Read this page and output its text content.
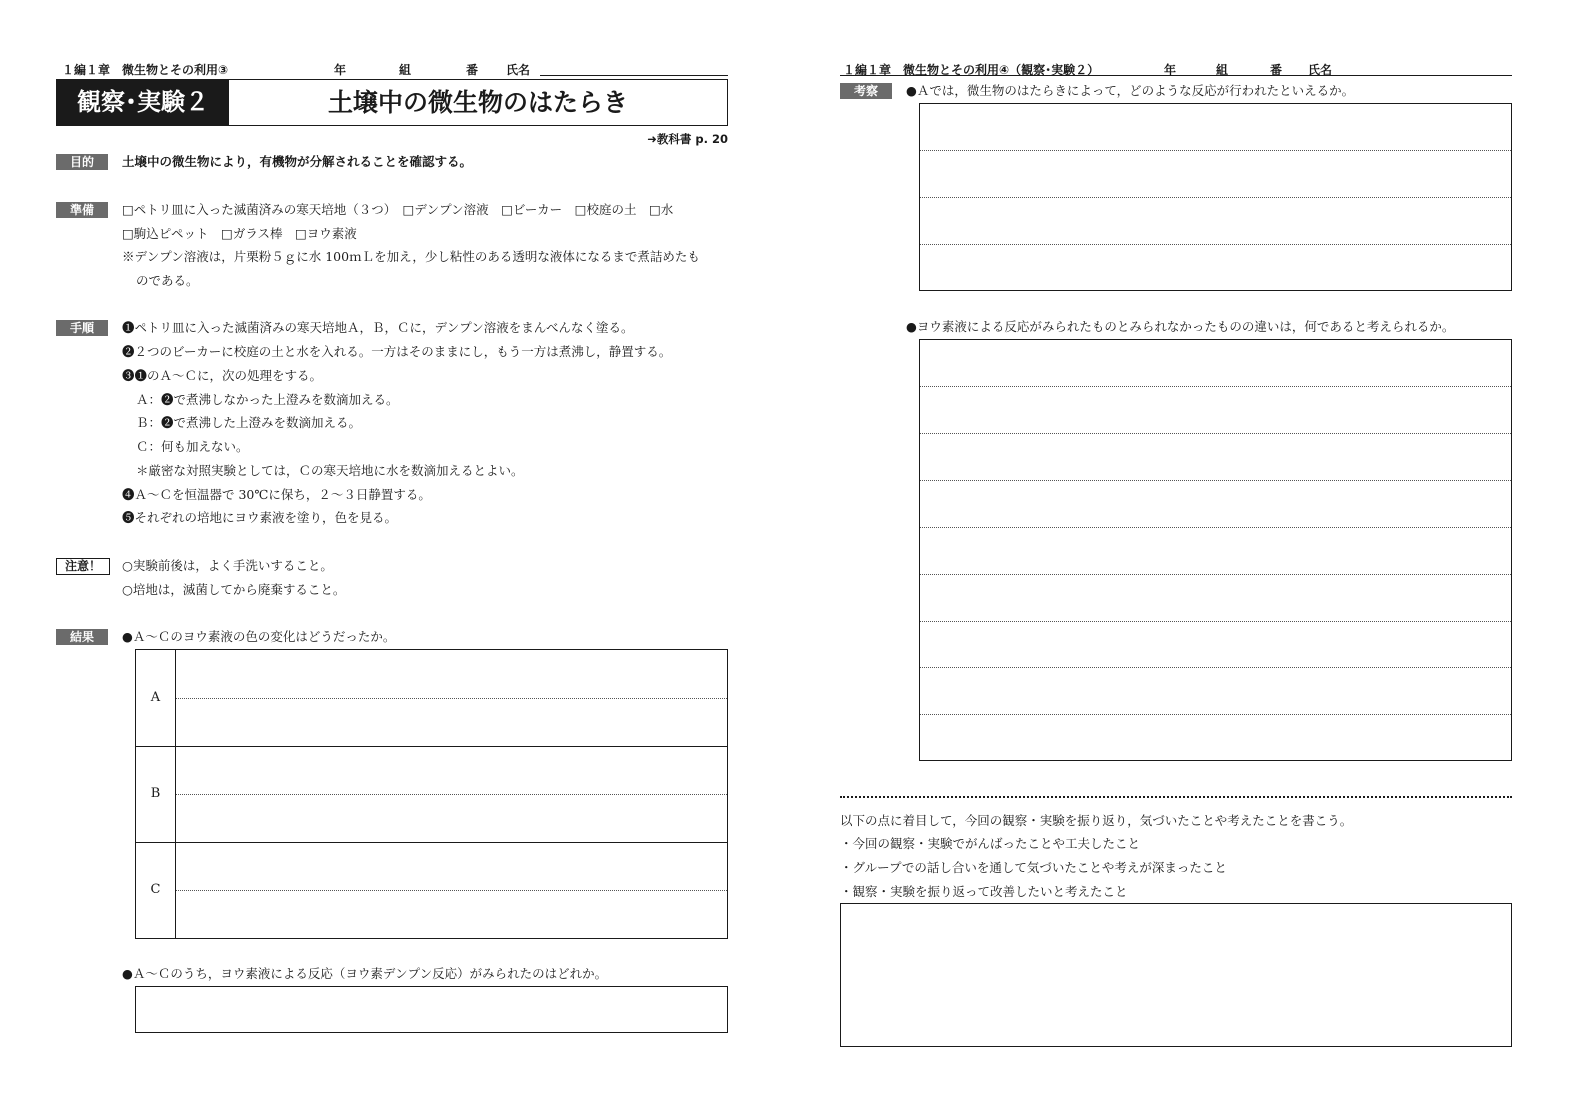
１編１章　微生物とその利用③	年	組	番 氏名
観察･実験２	土壌中の微生物のはたらき
➜教科書 p. 20
目的	土壌中の微生物により，有機物が分解されることを確認する。
準備	□ペトリ皿に入った滅菌済みの寒天培地（３つ）　□デンプン溶液　□ビーカー　□校庭の土　□水
□駒込ピペット　□ガラス棒　□ヨウ素液
※デンプン溶液は，片栗粉５ｇに水 100ｍＬを加え，少し粘性のある透明な液体になるまで煮詰めたも
のである。
手順	❶ペトリ皿に入った滅菌済みの寒天培地Ａ，Ｂ，Ｃに，デンプン溶液をまんべんなく塗る。
❷２つのビーカーに校庭の土と水を入れる。一方はそのままにし，もう一方は煮沸し，静置する。
❸❶のＡ～Ｃに，次の処理をする。
Ａ：❷で煮沸しなかった上澄みを数滴加える。
Ｂ：❷で煮沸した上澄みを数滴加える。
Ｃ：何も加えない。
＊厳密な対照実験としては，Ｃの寒天培地に水を数滴加えるとよい。
❹Ａ～Ｃを恒温器で 30℃に保ち，２～３日静置する。
❺それぞれの培地にヨウ素液を塗り，色を見る。
注意！	○実験前後は，よく手洗いすること。
○培地は，滅菌してから廃棄すること。
結果	●Ａ～Ｃのヨウ素液の色の変化はどうだったか。
A
B
C
●Ａ～Ｃのうち，ヨウ素液による反応（ヨウ素デンプン反応）がみられたのはどれか。
１編１章　微生物とその利用④（観察･実験２）	年	組	番 氏名
考察	●Ａでは，微生物のはたらきによって，どのような反応が行われたといえるか。
●ヨウ素液による反応がみられたものとみられなかったものの違いは，何であると考えられるか。
以下の点に着目して，今回の観察・実験を振り返り，気づいたことや考えたことを書こう。
・今回の観察・実験でがんばったことや工夫したこと
・グループでの話し合いを通して気づいたことや考えが深まったこと
・観察・実験を振り返って改善したいと考えたこと
